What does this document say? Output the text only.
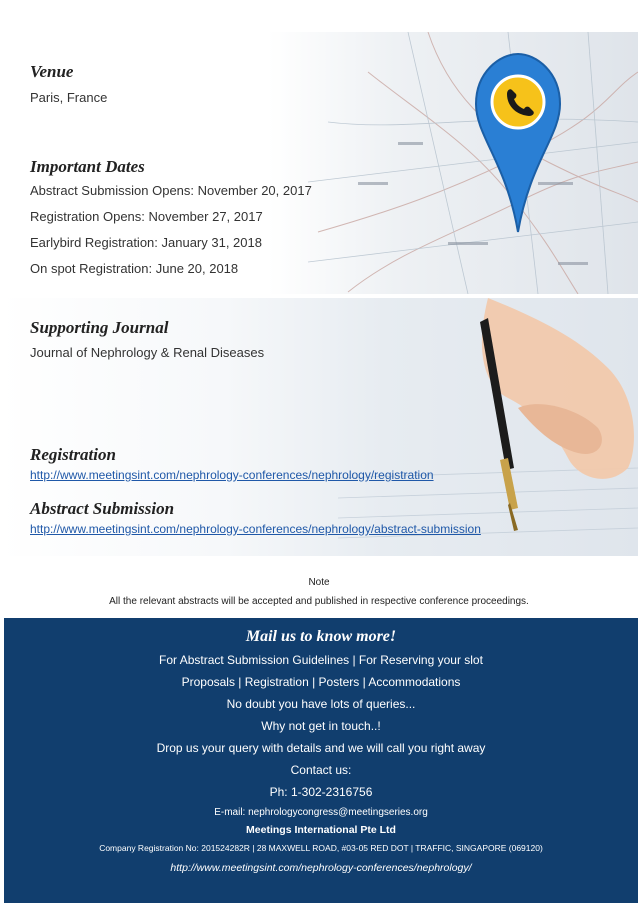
Venue

Paris, France

Important Dates

Abstract Submission Opens: November 20, 2017

Registration Opens: November 27, 2017

Earlybird Registration: January 31, 2018

On spot Registration: June 20, 2018

Supporting Journal

Journal of Nephrology & Renal Diseases

Registration

http://www.meetingsint.com/nephrology-conferences/nephrology/registration

Abstract Submission

http://www.meetingsint.com/nephrology-conferences/nephrology/abstract-submission
Note
All the relevant abstracts will be accepted and published in respective conference proceedings.
Mail us to know more!
For Abstract Submission Guidelines | For Reserving your slot
Proposals | Registration | Posters | Accommodations
No doubt you have lots of queries...
Why not get in touch..!
Drop us your query with details and we will call you right away
Contact us:
Ph: 1-302-2316756
E-mail: nephrologycongress@meetingseries.org
Meetings International Pte Ltd
Company Registration No: 201524282R | 28 MAXWELL ROAD, #03-05 RED DOT | TRAFFIC, SINGAPORE (069120)
http://www.meetingsint.com/nephrology-conferences/nephrology/
